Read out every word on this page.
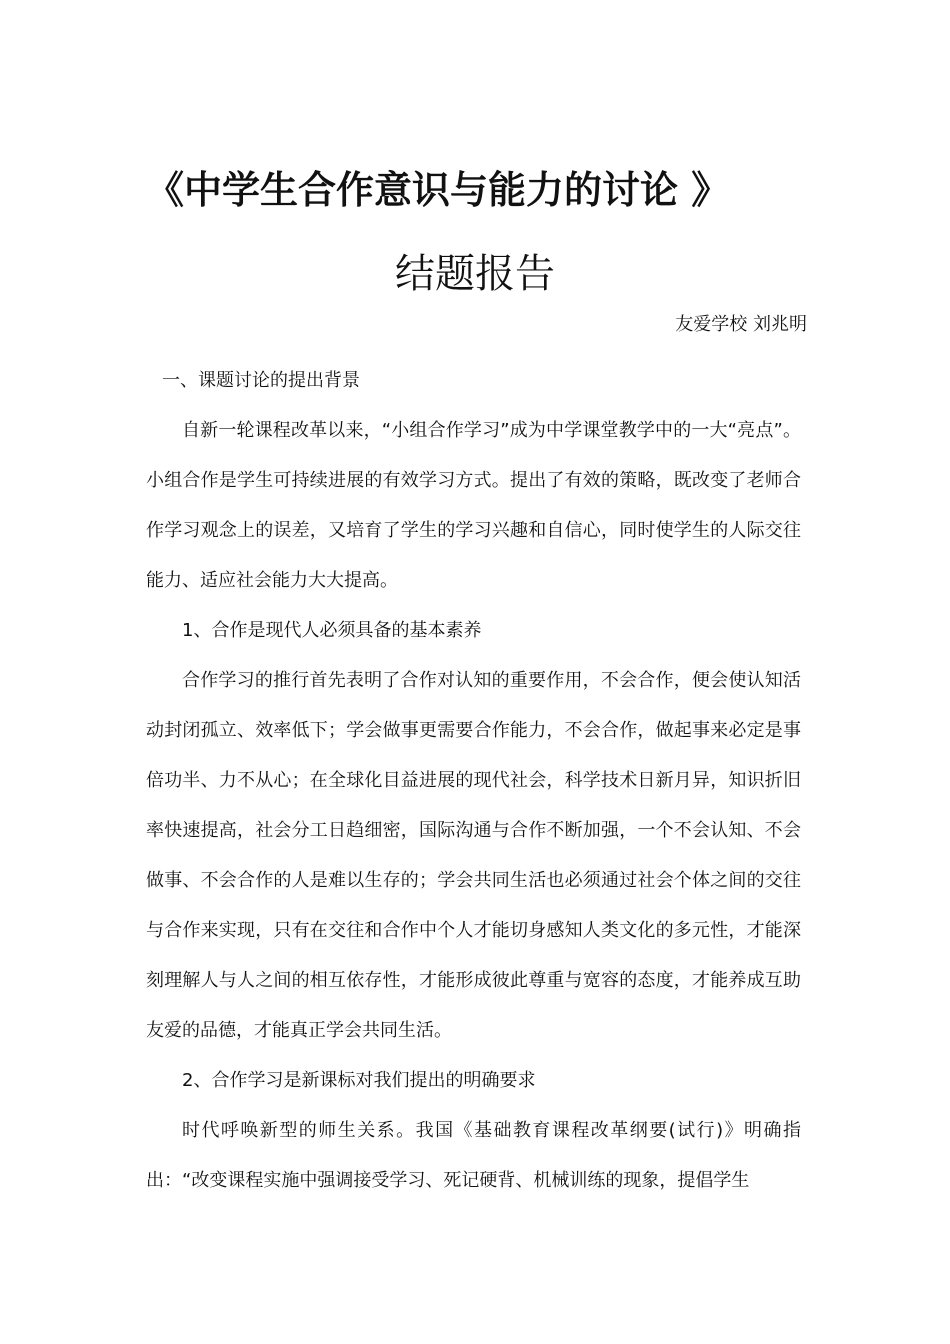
《中学生合作意识与能力的讨论 》
结题报告
友爱学校 刘兆明

一、课题讨论的提出背景

自新一轮课程改革以来，“小组合作学习”成为中学课堂教学中的一大“亮点”。小组合作是学生可持续进展的有效学习方式。提出了有效的策略，既改变了老师合作学习观念上的误差，又培育了学生的学习兴趣和自信心，同时使学生的人际交往能力、适应社会能力大大提高。

1、合作是现代人必须具备的基本素养

合作学习的推行首先表明了合作对认知的重要作用，不会合作，便会使认知活动封闭孤立、效率低下；学会做事更需要合作能力，不会合作，做起事来必定是事倍功半、力不从心；在全球化目益进展的现代社会，科学技术日新月异，知识折旧率快速提高，社会分工日趋细密，国际沟通与合作不断加强，一个不会认知、不会做事、不会合作的人是难以生存的；学会共同生活也必须通过社会个体之间的交往与合作来实现，只有在交往和合作中个人才能切身感知人类文化的多元性，才能深刻理解人与人之间的相互依存性，才能形成彼此尊重与宽容的态度，才能养成互助友爱的品德，才能真正学会共同生活。

2、合作学习是新课标对我们提出的明确要求

时代呼唤新型的师生关系。我国《基础教育课程改革纲要(试行)》明确指出：“改变课程实施中强调接受学习、死记硬背、机械训练的现象，提倡学生
